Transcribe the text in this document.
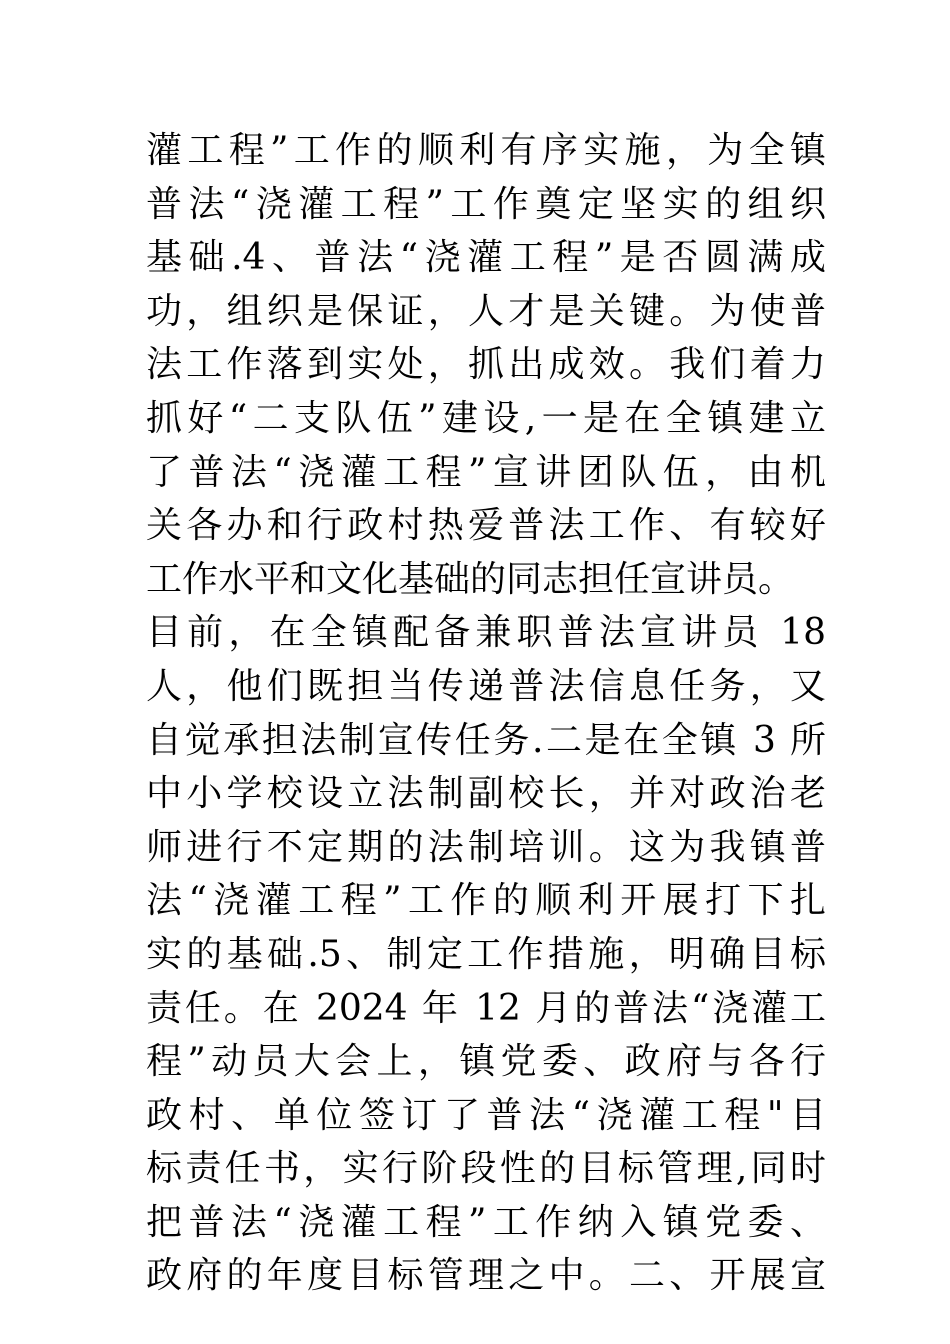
灌工程”工作的顺利有序实施，为全镇
普法“浇灌工程”工作奠定坚实的组织
基础.4、普法“浇灌工程”是否圆满成
功，组织是保证，人才是关键。为使普
法工作落到实处，抓出成效。我们着力
抓好“二支队伍”建设,一是在全镇建立
了普法“浇灌工程”宣讲团队伍，由机
关各办和行政村热爱普法工作、有较好
工作水平和文化基础的同志担任宣讲员。
目前，在全镇配备兼职普法宣讲员 18
人，他们既担当传递普法信息任务，又
自觉承担法制宣传任务.二是在全镇 3 所
中小学校设立法制副校长，并对政治老
师进行不定期的法制培训。这为我镇普
法“浇灌工程”工作的顺利开展打下扎
实的基础.5、制定工作措施，明确目标
责任。在 2024 年 12 月的普法“浇灌工
程”动员大会上，镇党委、政府与各行
政村、单位签订了普法“浇灌工程"目
标责任书，实行阶段性的目标管理,同时
把普法“浇灌工程”工作纳入镇党委、
政府的年度目标管理之中。二、开展宣
